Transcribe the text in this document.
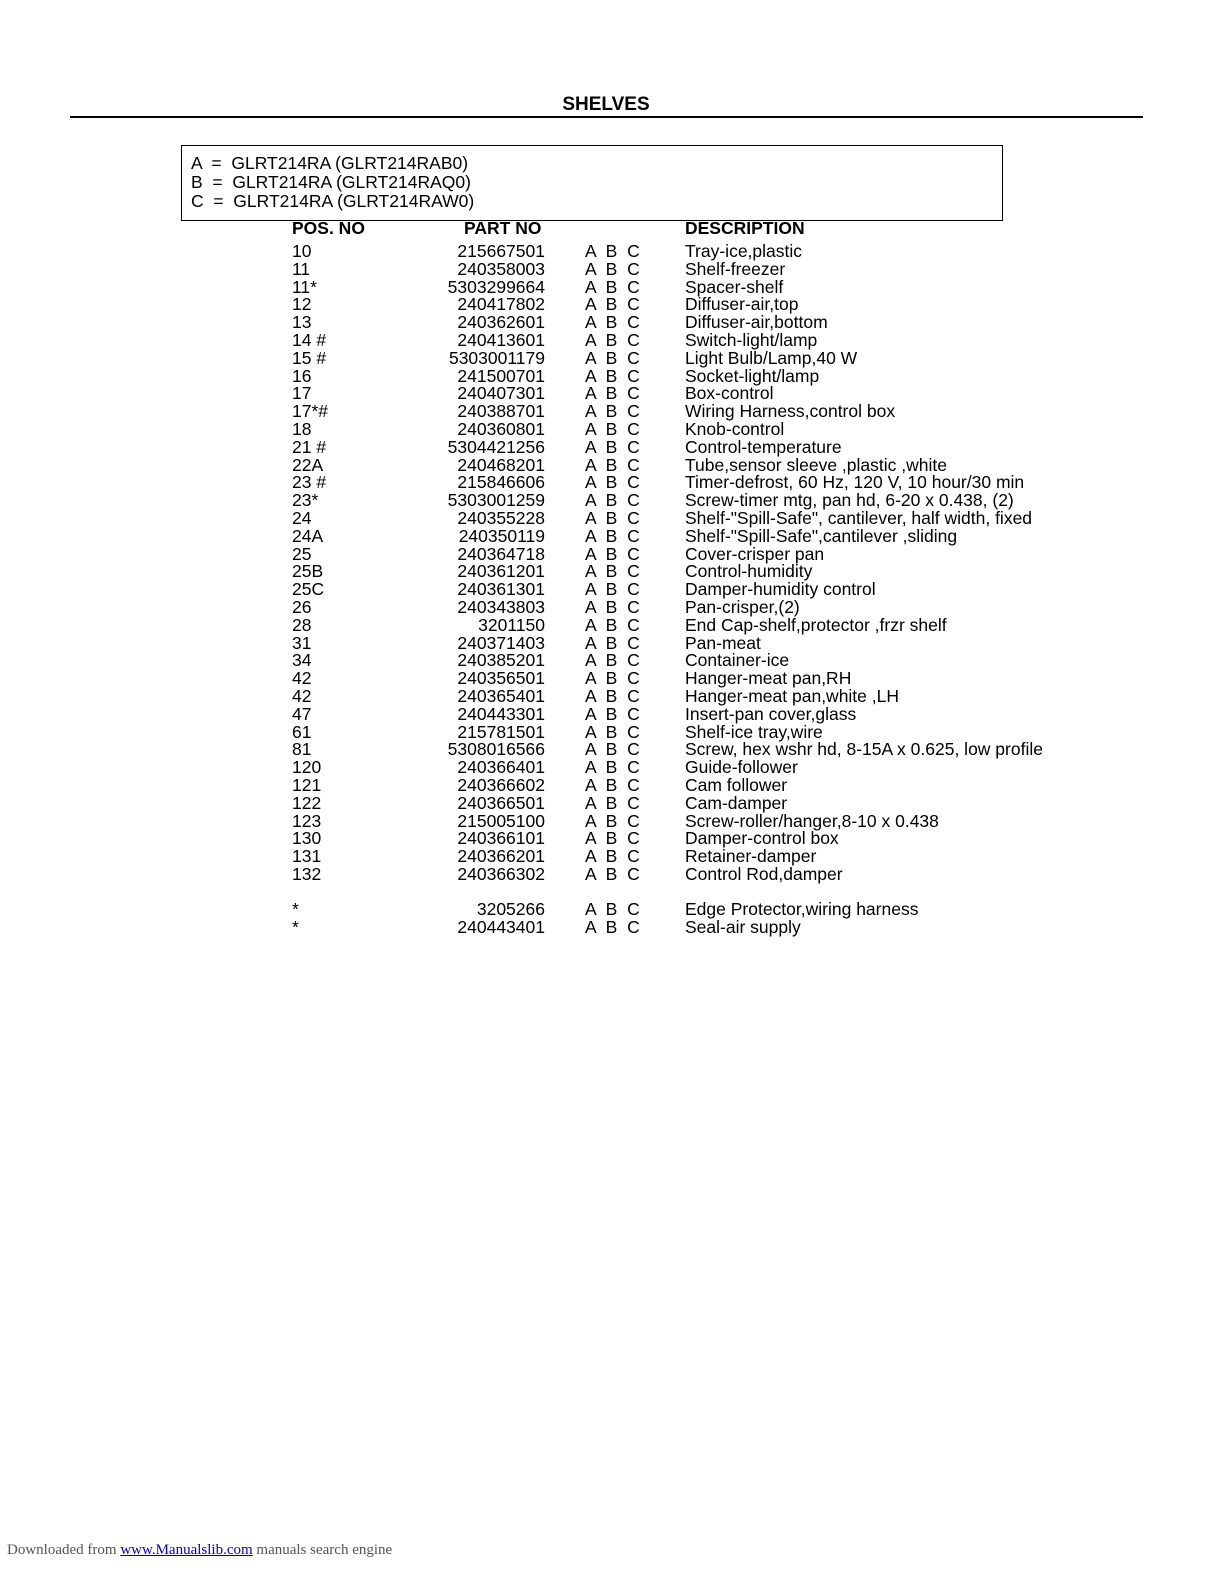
SHELVES
A  =  GLRT214RA (GLRT214RAB0)
B  =  GLRT214RA (GLRT214RAQ0)
C  =  GLRT214RA (GLRT214RAW0)
POS. NO	PART NO	DESCRIPTION
10	215667501 A B C	Tray-ice,plastic
11	240358003 A B C	Shelf-freezer
11*	5303299664 A B C	Spacer-shelf
12	240417802 A B C	Diffuser-air,top
13	240362601 A B C	Diffuser-air,bottom
14 #	240413601 A B C	Switch-light/lamp
15 #	5303001179 A B C	Light Bulb/Lamp,40 W
16	241500701 A B C	Socket-light/lamp
17	240407301 A B C	Box-control
17*#	240388701 A B C	Wiring Harness,control box
18	240360801 A B C	Knob-control
21 #	5304421256 A B C	Control-temperature
22A	240468201 A B C	Tube,sensor sleeve ,plastic ,white
23 #	215846606 A B C	Timer-defrost, 60 Hz, 120 V, 10 hour/30 min
23*	5303001259 A B C	Screw-timer mtg, pan hd, 6-20 x 0.438, (2)
24	240355228 A B C	Shelf-"Spill-Safe", cantilever, half width, fixed
24A	240350119 A B C	Shelf-"Spill-Safe",cantilever ,sliding
25	240364718 A B C	Cover-crisper pan
25B	240361201 A B C	Control-humidity
25C	240361301 A B C	Damper-humidity control
26	240343803 A B C	Pan-crisper,(2)
28	3201150 A B C	End Cap-shelf,protector ,frzr shelf
31	240371403 A B C	Pan-meat
34	240385201 A B C	Container-ice
42	240356501 A B C	Hanger-meat pan,RH
42	240365401 A B C	Hanger-meat pan,white ,LH
47	240443301 A B C	Insert-pan cover,glass
61	215781501 A B C	Shelf-ice tray,wire
81	5308016566 A B C	Screw, hex wshr hd, 8-15A x 0.625, low profile
120	240366401 A B C	Guide-follower
121	240366602 A B C	Cam follower
122	240366501 A B C	Cam-damper
123	215005100 A B C	Screw-roller/hanger,8-10 x 0.438
130	240366101 A B C	Damper-control box
131	240366201 A B C	Retainer-damper
132	240366302 A B C	Control Rod,damper
*	3205266 A B C	Edge Protector,wiring harness
*	240443401 A B C	Seal-air supply
Downloaded from www.Manualslib.com manuals search engine
